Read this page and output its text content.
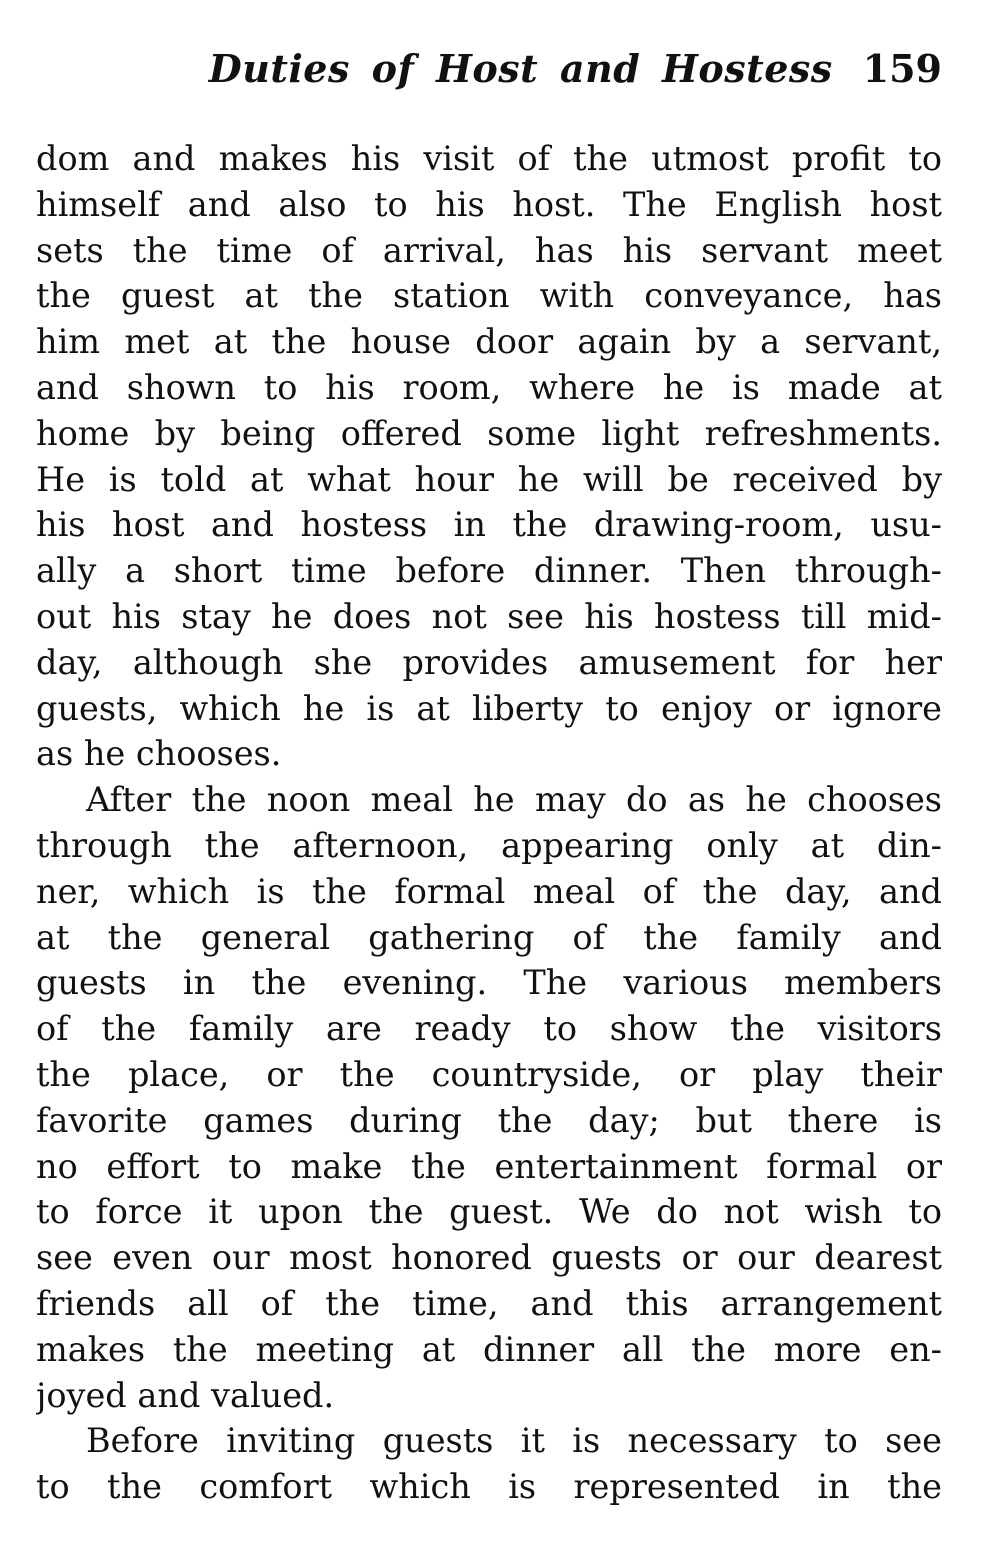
Duties of Host and Hostess 159
dom and makes his visit of the utmost profit to
himself and also to his host. The English host
sets the time of arrival, has his servant meet
the guest at the station with conveyance, has
him met at the house door again by a servant,
and shown to his room, where he is made at
home by being offered some light refreshments.
He is told at what hour he will be received by
his host and hostess in the drawing-room, usu-
ally a short time before dinner. Then through-
out his stay he does not see his hostess till mid-
day, although she provides amusement for her
guests, which he is at liberty to enjoy or ignore
as he chooses.
After the noon meal he may do as he chooses
through the afternoon, appearing only at din-
ner, which is the formal meal of the day, and
at the general gathering of the family and
guests in the evening. The various members
of the family are ready to show the visitors
the place, or the countryside, or play their
favorite games during the day; but there is
no effort to make the entertainment formal or
to force it upon the guest. We do not wish to
see even our most honored guests or our dearest
friends all of the time, and this arrangement
makes the meeting at dinner all the more en-
joyed and valued.
Before inviting guests it is necessary to see
to the comfort which is represented in the
